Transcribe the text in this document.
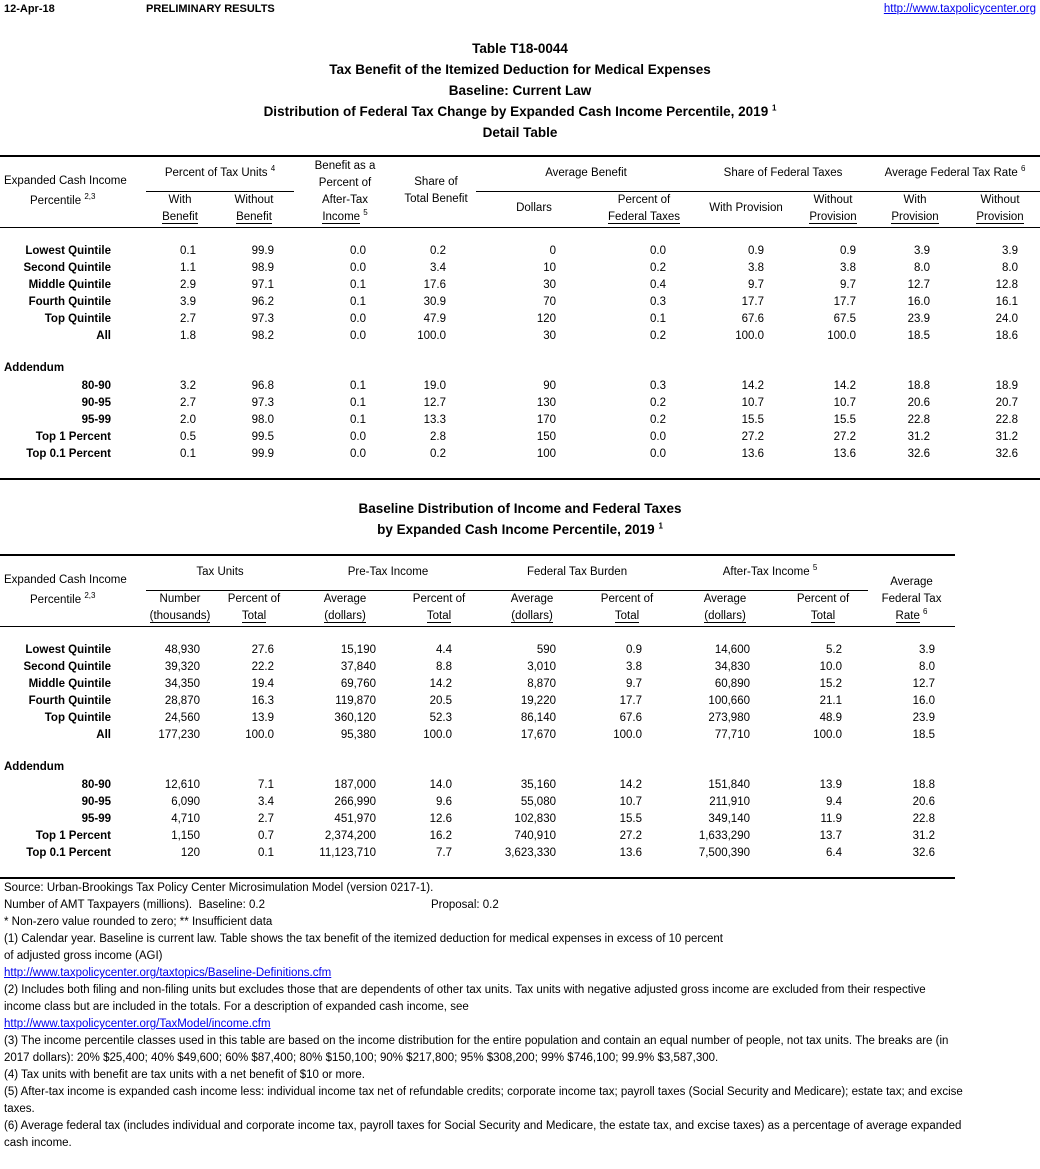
12-Apr-18	PRELIMINARY RESULTS	http://www.taxpolicycenter.org
Table T18-0044
Tax Benefit of the Itemized Deduction for Medical Expenses
Baseline: Current Law
Distribution of Federal Tax Change by Expanded Cash Income Percentile, 2019 $^1$
Detail Table
Expanded Cash Income
Percentile $^{2,3}$	Percent of Tax Units $^4$		Benefit as a
Percent of
After-Tax
Income $^5$	Share of
Total Benefit	Average Benefit		Share of Federal Taxes		Average Federal Tax Rate $^6$
	With
Benefit	Without
Benefit			Dollars	Percent of
Federal Taxes	With Provision	Without
Provision	With
Provision	Without
Provision
Lowest Quintile	0.1	99.9	0.0	0.2	0	0.0	0.9	0.9	3.9	3.9
Second Quintile	1.1	98.9	0.0	3.4	10	0.2	3.8	3.8	8.0	8.0
Middle Quintile	2.9	97.1	0.1	17.6	30	0.4	9.7	9.7	12.7	12.8
Fourth Quintile	3.9	96.2	0.1	30.9	70	0.3	17.7	17.7	16.0	16.1
Top Quintile	2.7	97.3	0.0	47.9	120	0.1	67.6	67.5	23.9	24.0
All	1.8	98.2	0.0	100.0	30	0.2	100.0	100.0	18.5	18.6
Addendum
80-90	3.2	96.8	0.1	19.0	90	0.3	14.2	14.2	18.8	18.9
90-95	2.7	97.3	0.1	12.7	130	0.2	10.7	10.7	20.6	20.7
95-99	2.0	98.0	0.1	13.3	170	0.2	15.5	15.5	22.8	22.8
Top 1 Percent	0.5	99.5	0.0	2.8	150	0.0	27.2	27.2	31.2	31.2
Top 0.1 Percent	0.1	99.9	0.0	0.2	100	0.0	13.6	13.6	32.6	32.6
Baseline Distribution of Income and Federal Taxes
by Expanded Cash Income Percentile, 2019 $^1$
Expanded Cash Income
Percentile $^{2,3}$	Tax Units		Pre-Tax Income		Federal Tax Burden		After-Tax Income $^5$		Average
Federal Tax
Rate $^6$
	Number
(thousands)	Percent of
Total	Average
(dollars)	Percent of
Total	Average
(dollars)	Percent of
Total	Average
(dollars)	Percent of
Total	
Lowest Quintile	48,930	27.6	15,190	4.4	590	0.9	14,600	5.2	3.9
Second Quintile	39,320	22.2	37,840	8.8	3,010	3.8	34,830	10.0	8.0
Middle Quintile	34,350	19.4	69,760	14.2	8,870	9.7	60,890	15.2	12.7
Fourth Quintile	28,870	16.3	119,870	20.5	19,220	17.7	100,660	21.1	16.0
Top Quintile	24,560	13.9	360,120	52.3	86,140	67.6	273,980	48.9	23.9
All	177,230	100.0	95,380	100.0	17,670	100.0	77,710	100.0	18.5
Addendum
80-90	12,610	7.1	187,000	14.0	35,160	14.2	151,840	13.9	18.8
90-95	6,090	3.4	266,990	9.6	55,080	10.7	211,910	9.4	20.6
95-99	4,710	2.7	451,970	12.6	102,830	15.5	349,140	11.9	22.8
Top 1 Percent	1,150	0.7	2,374,200	16.2	740,910	27.2	1,633,290	13.7	31.2
Top 0.1 Percent	120	0.1	11,123,710	7.7	3,623,330	13.6	7,500,390	6.4	32.6
Source: Urban-Brookings Tax Policy Center Microsimulation Model (version 0217-1).
Number of AMT Taxpayers (millions).  Baseline: 0.2	Proposal: 0.2
* Non-zero value rounded to zero; ** Insufficient data
(1) Calendar year. Baseline is current law. Table shows the tax benefit of the itemized deduction for medical expenses in excess of 10 percent
of adjusted gross income (AGI)
http://www.taxpolicycenter.org/taxtopics/Baseline-Definitions.cfm
(2) Includes both filing and non-filing units but excludes those that are dependents of other tax units. Tax units with negative adjusted gross income are excluded from their respective
income class but are included in the totals. For a description of expanded cash income, see
http://www.taxpolicycenter.org/TaxModel/income.cfm
(3) The income percentile classes used in this table are based on the income distribution for the entire population and contain an equal number of people, not tax units. The breaks are (in
2017 dollars): 20% $25,400; 40% $49,600; 60% $87,400; 80% $150,100; 90% $217,800; 95% $308,200; 99% $746,100; 99.9% $3,587,300.
(4) Tax units with benefit are tax units with a net benefit of $10 or more.
(5) After-tax income is expanded cash income less: individual income tax net of refundable credits; corporate income tax; payroll taxes (Social Security and Medicare); estate tax; and excise
taxes.
(6) Average federal tax (includes individual and corporate income tax, payroll taxes for Social Security and Medicare, the estate tax, and excise taxes) as a percentage of average expanded
cash income.
